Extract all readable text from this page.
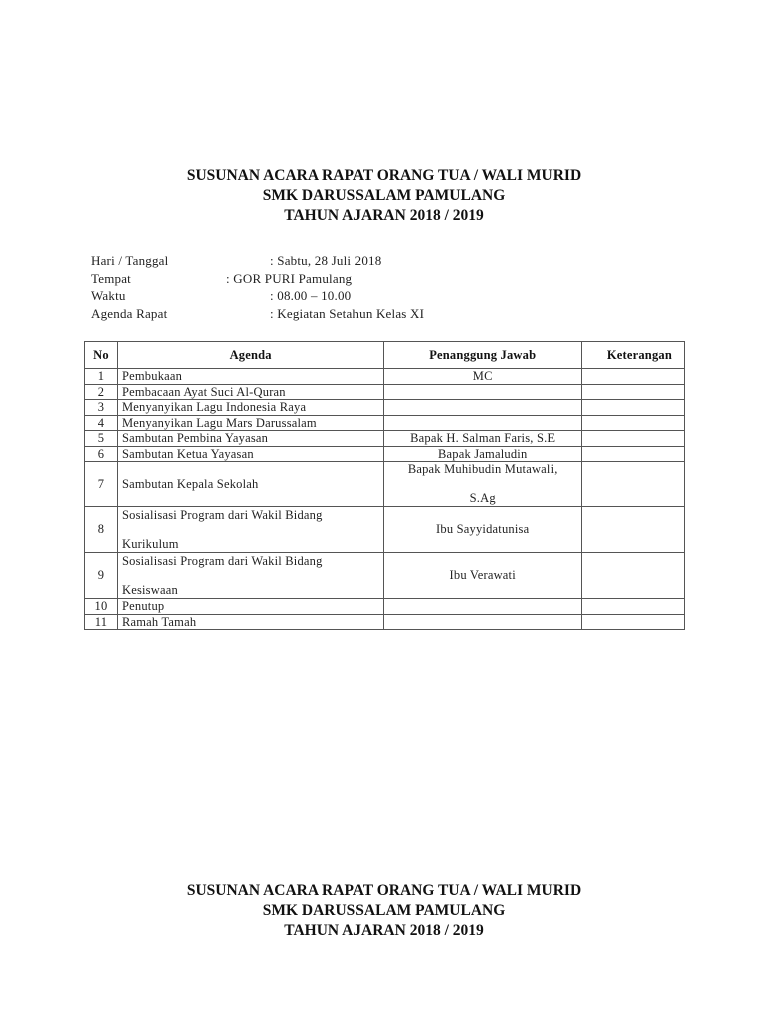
SUSUNAN ACARA RAPAT ORANG TUA / WALI MURID
SMK DARUSSALAM PAMULANG
TAHUN AJARAN 2018 / 2019
Hari / Tanggal	: Sabtu, 28 Juli 2018
Tempat	: GOR PURI Pamulang
Waktu	: 08.00 – 10.00
Agenda Rapat	: Kegiatan Setahun Kelas XI
No	Agenda	Penanggung Jawab	Keterangan
1	Pembukaan	MC	
2	Pembacaan Ayat Suci Al-Quran		
3	Menyanyikan Lagu Indonesia Raya		
4	Menyanyikan Lagu Mars Darussalam		
5	Sambutan Pembina Yayasan	Bapak H. Salman Faris, S.E	
6	Sambutan Ketua Yayasan	Bapak Jamaludin	
7	Sambutan Kepala Sekolah	Bapak Muhibudin Mutawali,
S.Ag	

8	Sosialisasi Program dari Wakil Bidang
Kurikulum	Ibu Sayyidatunisa	
9	Sosialisasi Program dari Wakil Bidang
Kesiswaan	Ibu Verawati	
10	Penutup		
11	Ramah Tamah		
SUSUNAN ACARA RAPAT ORANG TUA / WALI MURID
SMK DARUSSALAM PAMULANG
TAHUN AJARAN 2018 / 2019
